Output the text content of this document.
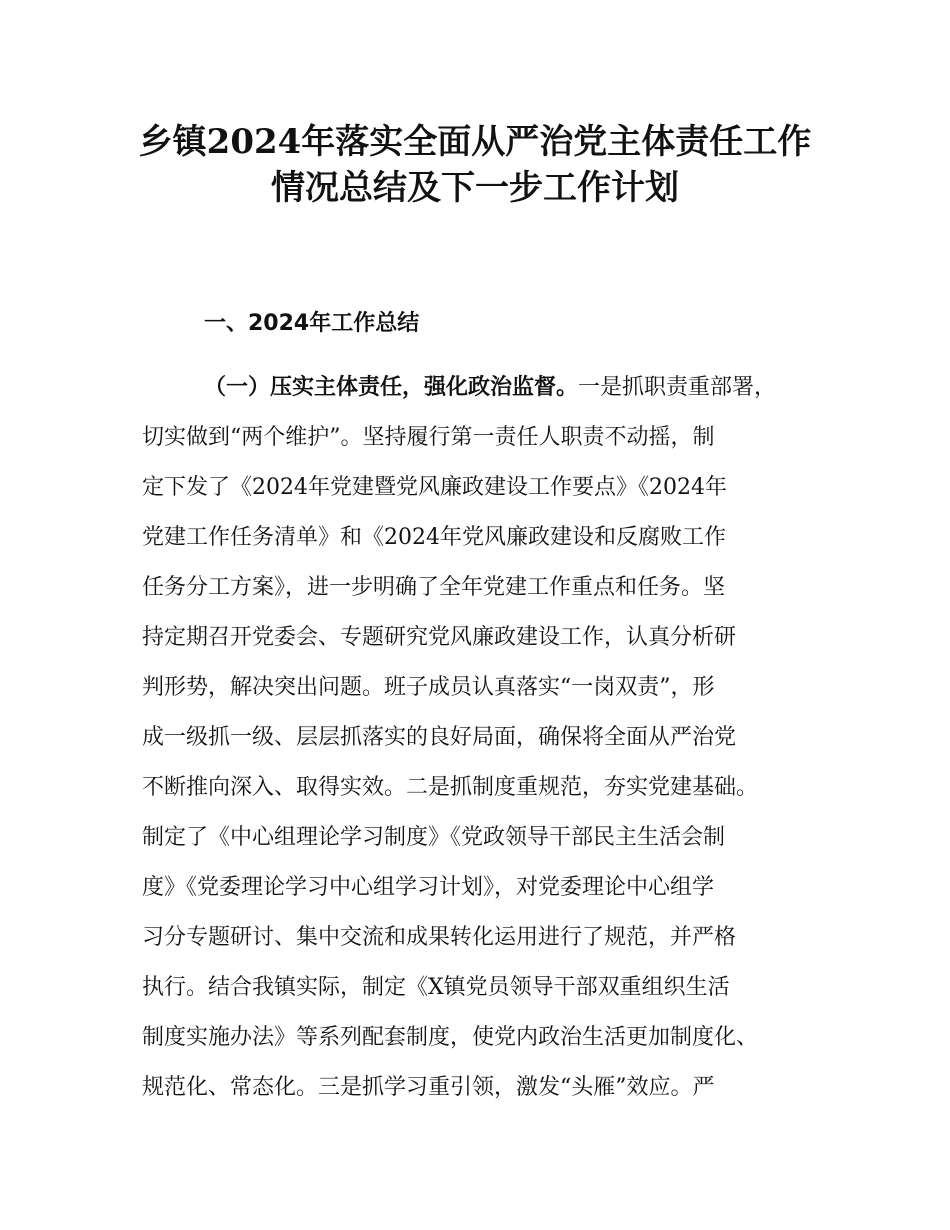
乡镇2024年落实全面从严治党主体责任工作
情况总结及下一步工作计划
一、2024年工作总结
（一）压实主体责任，强化政治监督。一是抓职责重部署，
切实做到“两个维护”。坚持履行第一责任人职责不动摇，制
定下发了《2024年党建暨党风廉政建设工作要点》《2024年
党建工作任务清单》和《2024年党风廉政建设和反腐败工作
任务分工方案》，进一步明确了全年党建工作重点和任务。坚
持定期召开党委会、专题研究党风廉政建设工作，认真分析研
判形势，解决突出问题。班子成员认真落实“一岗双责”，形
成一级抓一级、层层抓落实的良好局面，确保将全面从严治党
不断推向深入、取得实效。二是抓制度重规范，夯实党建基础。
制定了《中心组理论学习制度》《党政领导干部民主生活会制
度》《党委理论学习中心组学习计划》，对党委理论中心组学
习分专题研讨、集中交流和成果转化运用进行了规范，并严格
执行。结合我镇实际，制定《X镇党员领导干部双重组织生活
制度实施办法》等系列配套制度，使党内政治生活更加制度化、
规范化、常态化。三是抓学习重引领，激发“头雁”效应。严
